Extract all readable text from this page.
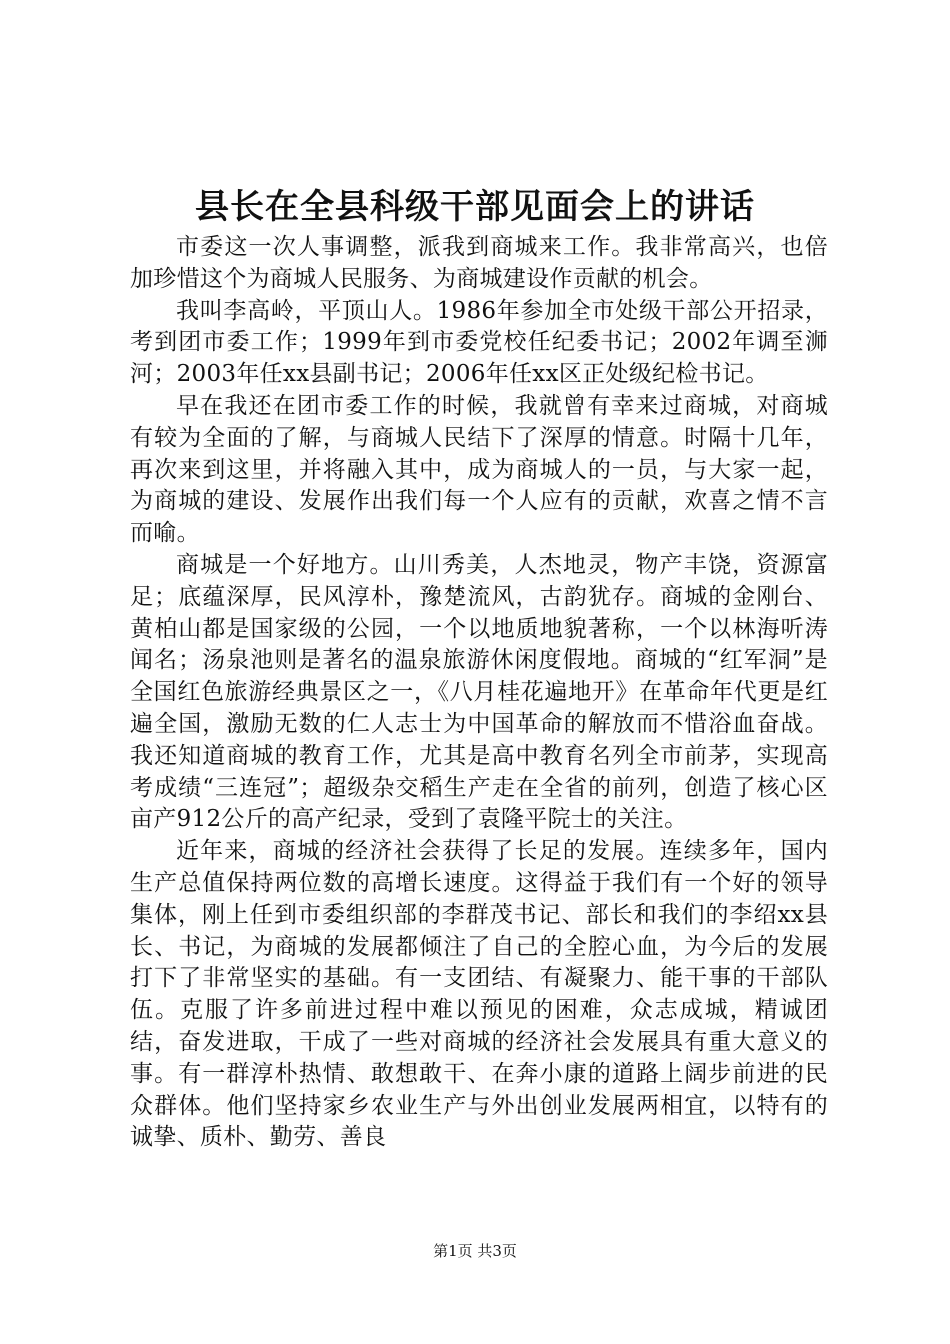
县长在全县科级干部见面会上的讲话

市委这一次人事调整，派我到商城来工作。我非常高兴，也倍加珍惜这个为商城人民服务、为商城建设作贡献的机会。

我叫李高岭，平顶山人。1986年参加全市处级干部公开招录，考到团市委工作；1999年到市委党校任纪委书记；2002年调至浉河；2003年任xx县副书记；2006年任xx区正处级纪检书记。

早在我还在团市委工作的时候，我就曾有幸来过商城，对商城有较为全面的了解，与商城人民结下了深厚的情意。时隔十几年，再次来到这里，并将融入其中，成为商城人的一员，与大家一起，为商城的建设、发展作出我们每一个人应有的贡献，欢喜之情不言而喻。

商城是一个好地方。山川秀美，人杰地灵，物产丰饶，资源富足；底蕴深厚，民风淳朴，豫楚流风，古韵犹存。商城的金刚台、黄柏山都是国家级的公园，一个以地质地貌著称，一个以林海听涛闻名；汤泉池则是著名的温泉旅游休闲度假地。商城的“红军洞”是全国红色旅游经典景区之一，《八月桂花遍地开》在革命年代更是红遍全国，激励无数的仁人志士为中国革命的解放而不惜浴血奋战。我还知道商城的教育工作，尤其是高中教育名列全市前茅，实现高考成绩“三连冠”；超级杂交稻生产走在全省的前列，创造了核心区亩产912公斤的高产纪录，受到了袁隆平院士的关注。

近年来，商城的经济社会获得了长足的发展。连续多年，国内生产总值保持两位数的高增长速度。这得益于我们有一个好的领导集体，刚上任到市委组织部的李群茂书记、部长和我们的李绍xx县长、书记，为商城的发展都倾注了自己的全腔心血，为今后的发展打下了非常坚实的基础。有一支团结、有凝聚力、能干事的干部队伍。克服了许多前进过程中难以预见的困难，众志成城，精诚团结，奋发进取，干成了一些对商城的经济社会发展具有重大意义的事。有一群淳朴热情、敢想敢干、在奔小康的道路上阔步前进的民众群体。他们坚持家乡农业生产与外出创业发展两相宜，以特有的诚挚、质朴、勤劳、善良

第1页 共3页
